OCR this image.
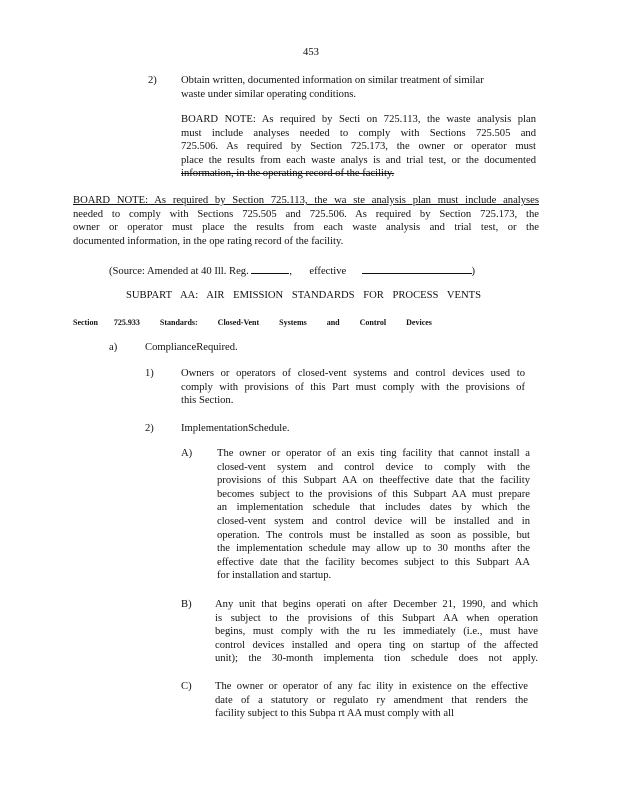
453
2) Obtain written, documented information on similar treatment of similar
waste under similar operating conditions.
BOARD NOTE: As required by Secti on 725.113, the waste analysis plan
must include analyses needed to comply with Sections 725.505 and
725.506. As required by Section 725.173, the owner or operator must
place the results from each waste analys is and trial test, or the documented
information, in the operating record of the facility.
BOARD NOTE: As required by Section 725.113, the wa ste analysis plan must include analyses
needed to comply with Sections 725.505 and 725.506. As required by Section 725.173, the
owner or operator must place the results from each waste analysis and trial test, or the
documented information, in the ope rating record of the facility.
(Source: Amended at 40 Ill. Reg.	, effective	)
SUBPART AA: AIR EMISSION STANDARDS FOR PROCESS VENTS
Section 725.933	Standards: Closed-Vent Systems and Control Devices
a)	ComplianceRequired.
1)	Owners or operators of closed-vent systems and control devices used to
comply with provisions of this Part must comply with the provisions of
this Section.
2)	ImplementationSchedule.
A) The owner or operator of an exis ting facility that cannot install a
closed-vent system and control device to comply with the
provisions of this Subpart AA on theeffective date that the facility
becomes subject to the provisions of this Subpart AA must prepare
an implementation schedule that includes dates by which the
closed-vent system and control device will be installed and in
operation. The controls must be installed as soon as possible, but
the implementation schedule may allow up to 30 months after the
effective date that the facility becomes subject to this Subpart AA
for installation and startup.
B) Any unit that begins operati on after December 21, 1990, and which
is subject to the provisions of this Subpart AA when operation
begins, must comply with the ru les immediately (i.e., must have
control devices installed and opera ting on startup of the affected
unit); the 30-month implementa tion schedule does not apply.
C) The owner or operator of any fac ility in existence on the effective
date of a statutory or regulato ry amendment that renders the
facility subject to this Subpa rt AA must comply with all
